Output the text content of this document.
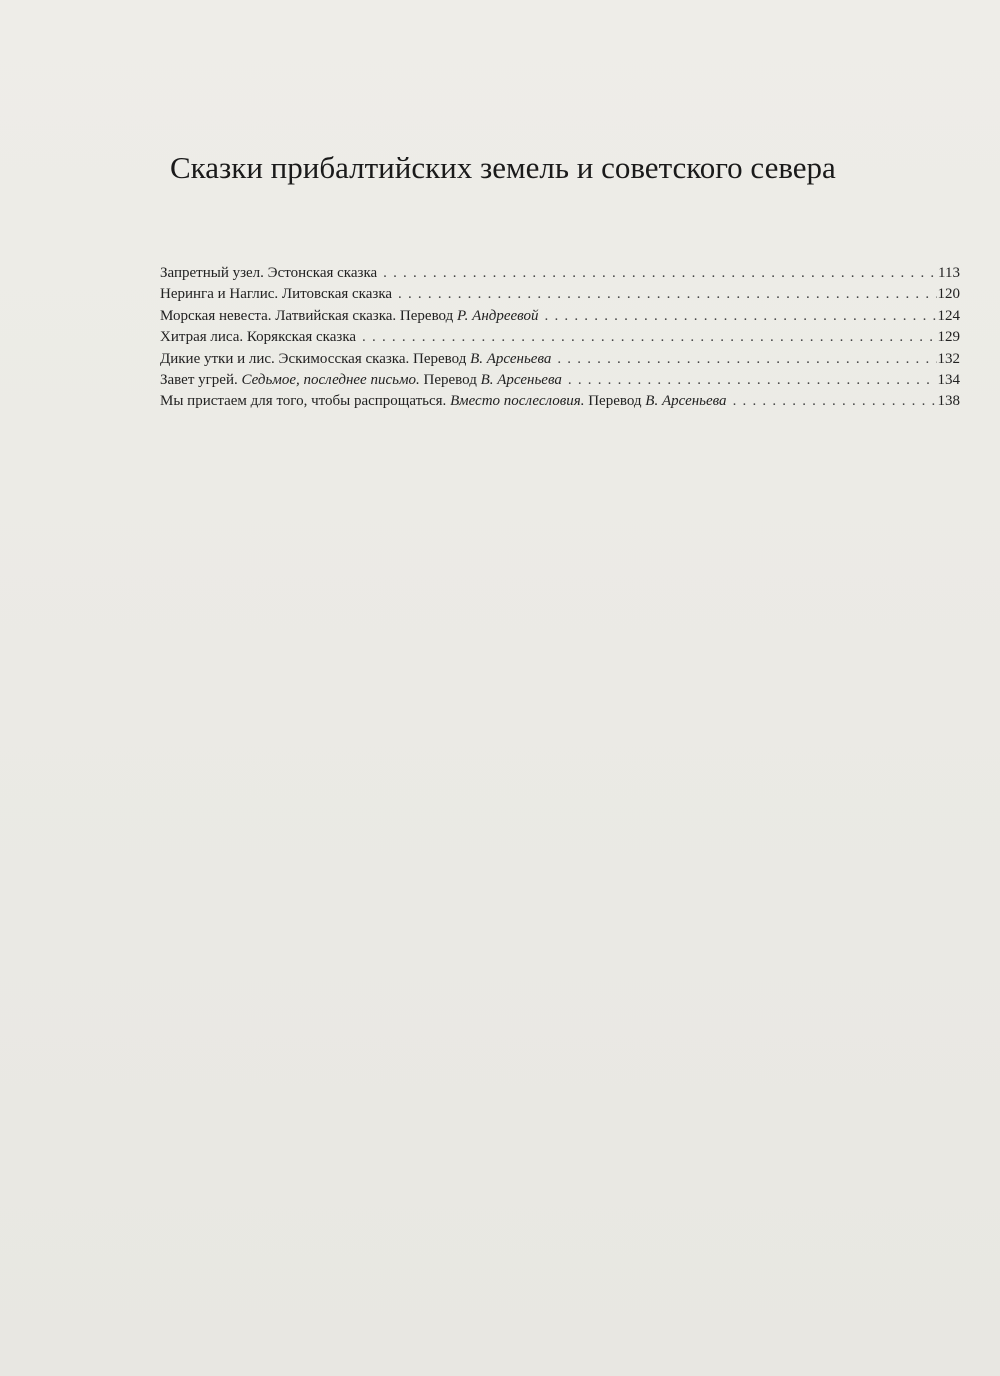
Сказки прибалтийских земель и советского севера
Запретный узел. Эстонская сказка .....	113
Неринга и Наглис. Литовская сказка .....	120
Морская невеста. Латвийская сказка. Перевод Р. Андреевой .....	124
Хитрая лиса. Корякская сказка .....	129
Дикие утки и лис. Эскимосская сказка. Перевод В. Арсеньева .....	132
Завет угрей. Седьмое, последнее письмо. Перевод В. Арсеньева .....	134
Мы пристаем для того, чтобы распрощаться. Вместо послесловия. Перевод В. Арсеньева .....	138
